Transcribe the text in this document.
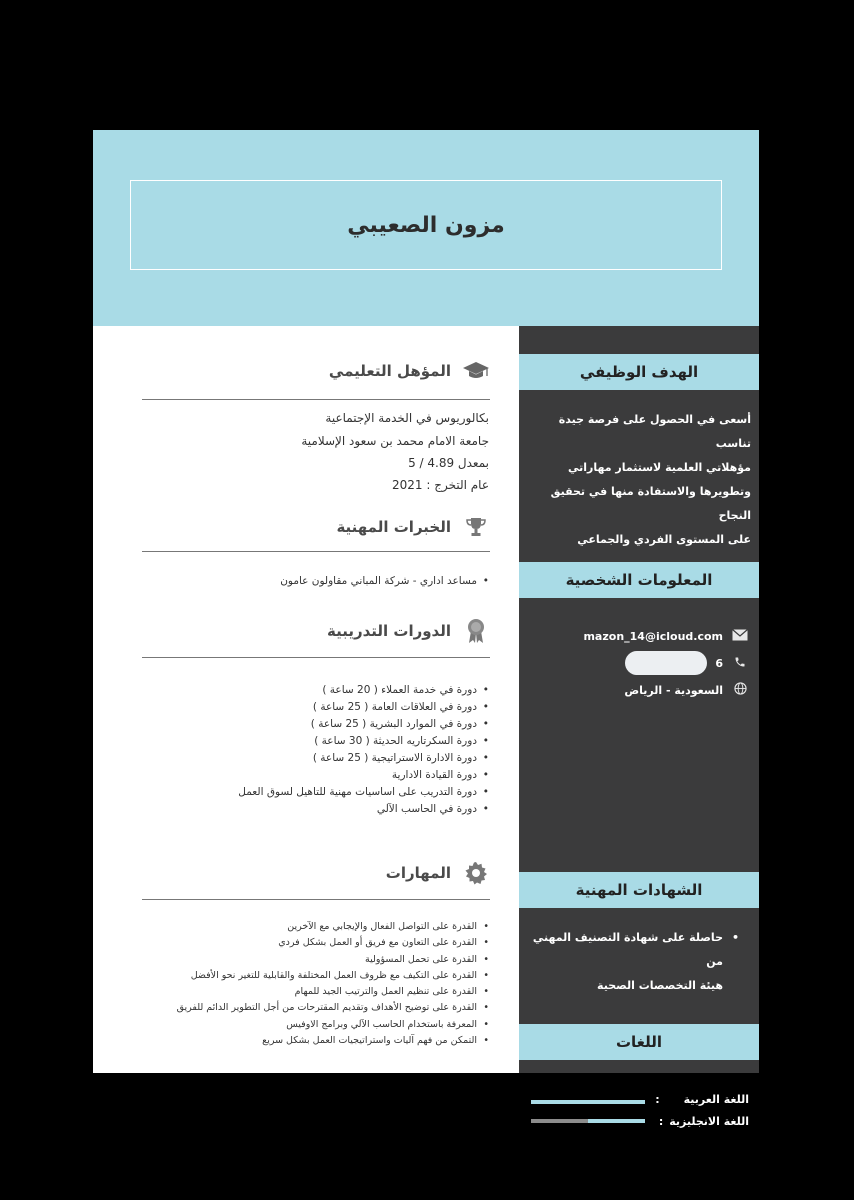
مزون الصعيبي
الهدف الوظيفي

أسعى في الحصول على فرصة جيدة تناسب

مؤهلاتي العلمية لاستثمار مهاراتي

وتطويرها والاستفادة منها في تحقيق النجاح

على المستوى الفردي والجماعي

المعلومات الشخصية
mazon_14@icloud.com
6
السعودية - الرياض
الشهادات المهنية
•
حاصلة على شهادة التصنيف المهني من
هيئة التخصصات الصحية
اللغات
اللغة العربية
:
اللغة الانجليزية
:
المؤهل التعليمي
بكالوريوس في الخدمة الإجتماعية
جامعة الامام محمد بن سعود الإسلامية
بمعدل 4.89 / 5
عام التخرج : 2021
الخبرات المهنية
• مساعد اداري - شركة المباني مقاولون عامون
الدورات التدريبية
• دورة في خدمة العملاء ( 20 ساعة )
• دورة في العلاقات العامة ( 25 ساعة )
• دورة في الموارد البشرية ( 25 ساعة )
• دورة السكرتاريه الحديثة ( 30 ساعة )
• دورة الادارة الاستراتيجية ( 25 ساعة )
• دورة القيادة الادارية
• دورة التدريب على اساسيات مهنية للتاهيل لسوق العمل
• دورة في الحاسب الآلي
المهارات
• القدرة على التواصل الفعال والإيجابي مع الآخرين
• القدرة على التعاون مع فريق أو العمل بشكل فردي
• القدرة على تحمل المسؤولية
• القدرة على التكيف مع ظروف العمل المختلفة والقابلية للتغير نحو الأفضل
• القدرة على تنظيم العمل والترتيب الجيد للمهام
• القدرة على توضيح الأهداف وتقديم المقترحات من أجل التطوير الدائم للفريق
• المعرفة باستخدام الحاسب الآلي وبرامج الاوفيس
• التمكن من فهم آليات واستراتيجيات العمل بشكل سريع
